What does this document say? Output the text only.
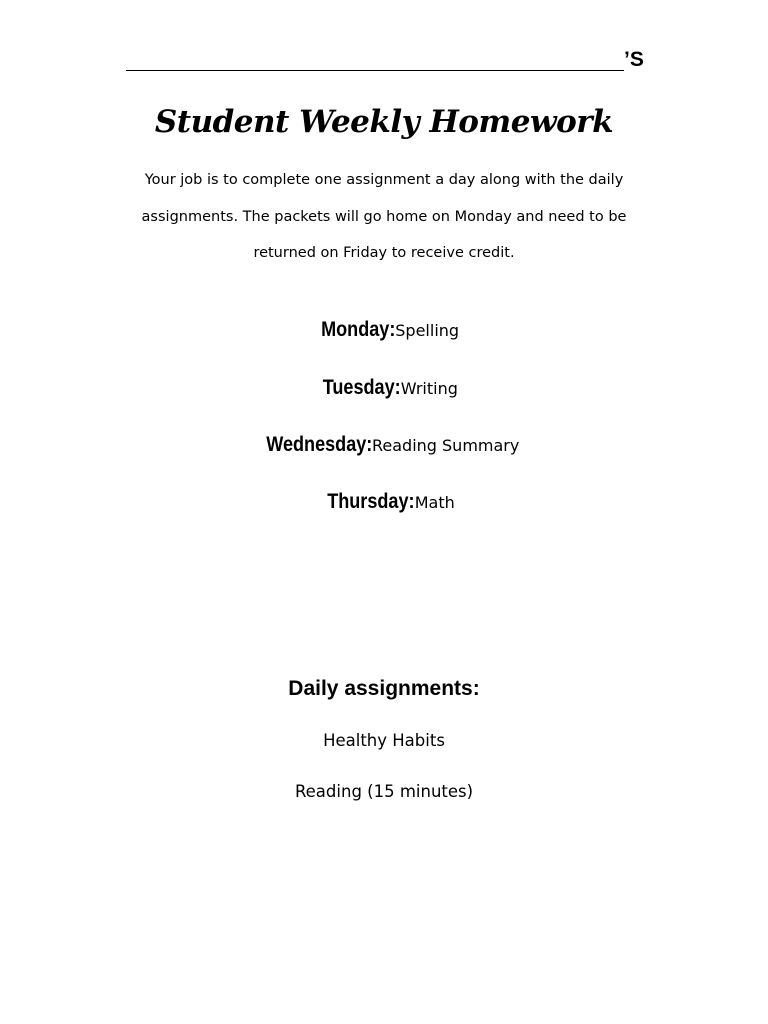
’S
Student Weekly Homework
Your job is to complete one assignment a day along with the daily assignments. The packets will go home on Monday and need to be returned on Friday to receive credit.
Monday:Spelling
Tuesday:Writing
Wednesday:Reading Summary
Thursday:Math
Daily assignments:
Healthy Habits
Reading (15 minutes)
